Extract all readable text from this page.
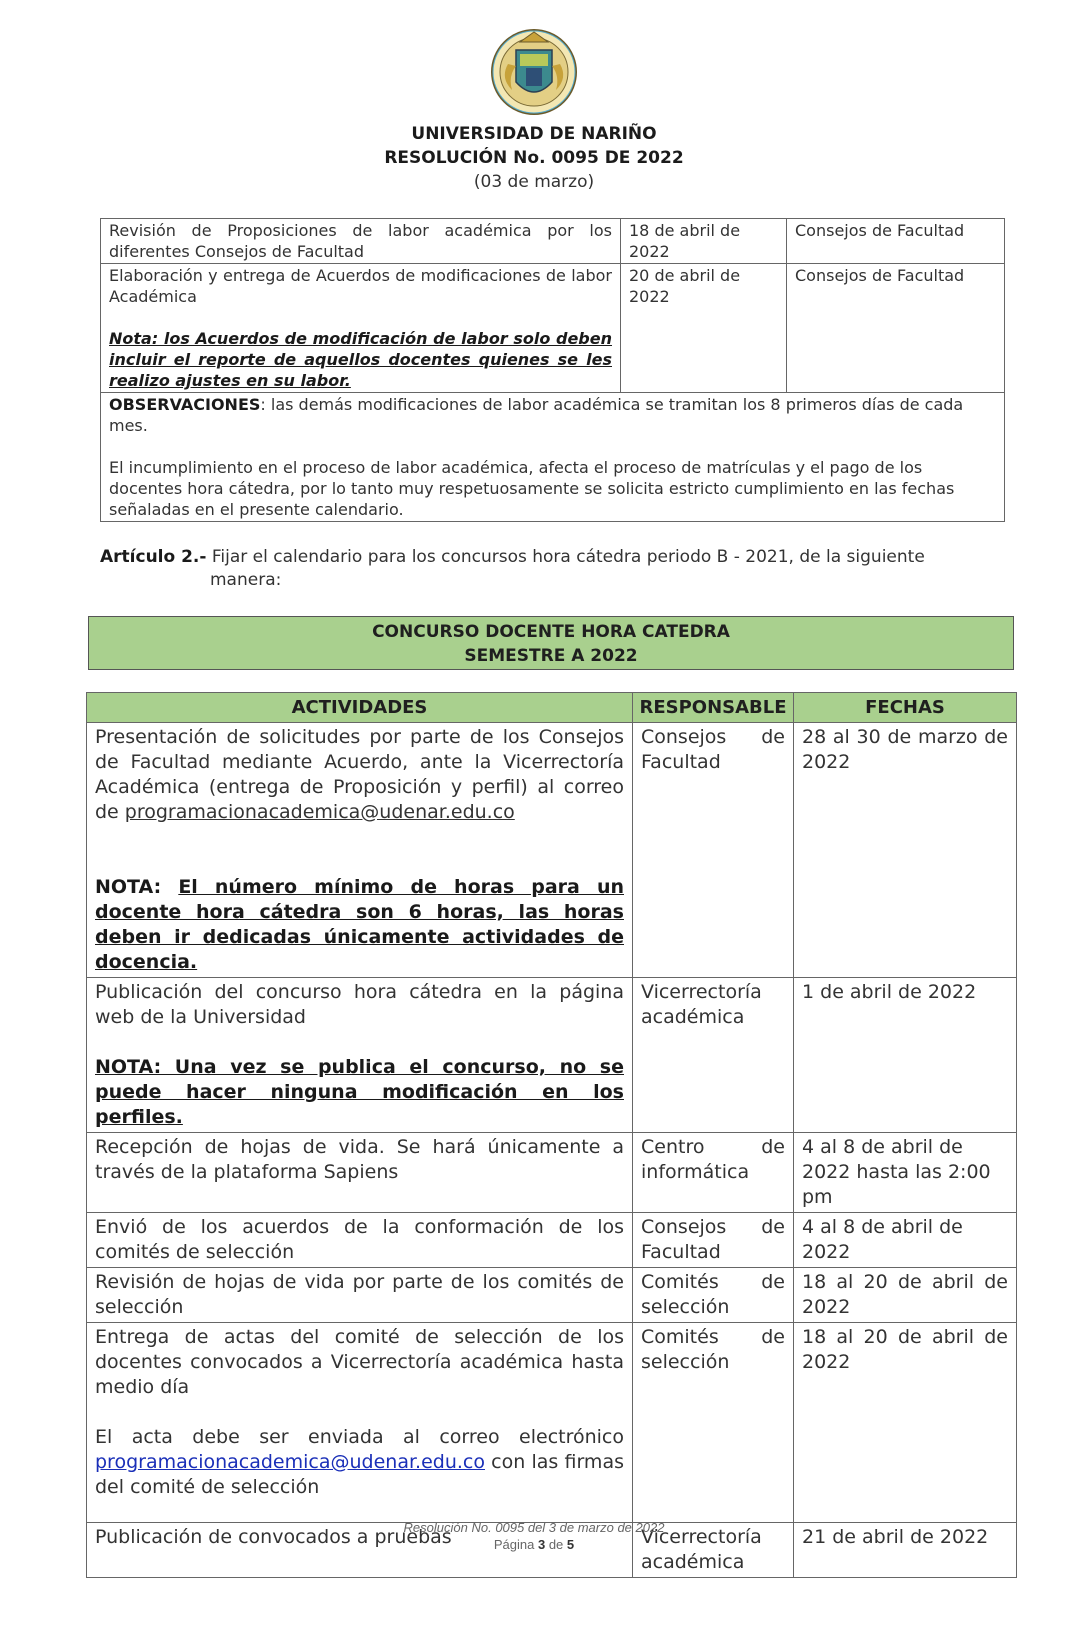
UNIVERSIDAD DE NARIÑO
RESOLUCIÓN No. 0095 DE 2022
(03 de marzo)
Revisión de Proposiciones de labor académica por los diferentes Consejos de Facultad	18 de abril de 2022	Consejos de Facultad
Elaboración y entrega de Acuerdos de modificaciones de labor Académica
Nota: los Acuerdos de modificación de labor solo deben incluir el reporte de aquellos docentes quienes se les realizo ajustes en su labor.	20 de abril de 2022	Consejos de Facultad
OBSERVACIONES: las demás modificaciones de labor académica se tramitan los 8 primeros días de cada mes.
El incumplimiento en el proceso de labor académica, afecta el proceso de matrículas y el pago de los docentes hora cátedra, por lo tanto muy respetuosamente se solicita estricto cumplimiento en las fechas señaladas en el presente calendario.		
Artículo 2.- Fijar el calendario para los concursos hora cátedra periodo B - 2021, de la siguiente
manera:
CONCURSO DOCENTE HORA CATEDRA
SEMESTRE A 2022
ACTIVIDADES	RESPONSABLE	FECHAS
Presentación de solicitudes por parte de los Consejos de Facultad mediante Acuerdo, ante la Vicerrectoría Académica (entrega de Proposición y perfil) al correo de programacionacademica@udenar.edu.co
NOTA: El número mínimo de horas para un docente hora cátedra son 6 horas, las horas deben ir dedicadas únicamente actividades de docencia.	Consejos de Facultad	28 al 30 de marzo de 2022
Publicación del concurso hora cátedra en la página web de la Universidad
NOTA: Una vez se publica el concurso, no se puede hacer ninguna modificación en los perfiles.	Vicerrectoría académica	1 de abril de 2022
Recepción de hojas de vida. Se hará únicamente a través de la plataforma Sapiens	Centro de informática	4 al 8 de abril de 2022 hasta las 2:00 pm
Envió de los acuerdos de la conformación de los comités de selección	Consejos de Facultad	4 al 8 de abril de 2022
Revisión de hojas de vida por parte de los comités de selección	Comités de selección	18 al 20 de abril de 2022
Entrega de actas del comité de selección de los docentes convocados a Vicerrectoría académica hasta medio día
El acta debe ser enviada al correo electrónico programacionacademica@udenar.edu.co con las firmas del comité de selección	Comités de selección	18 al 20 de abril de 2022
Publicación de convocados a pruebas	Vicerrectoría académica	21 de abril de 2022
Resolución No. 0095 del 3 de marzo de 2022
Página 3 de 5
